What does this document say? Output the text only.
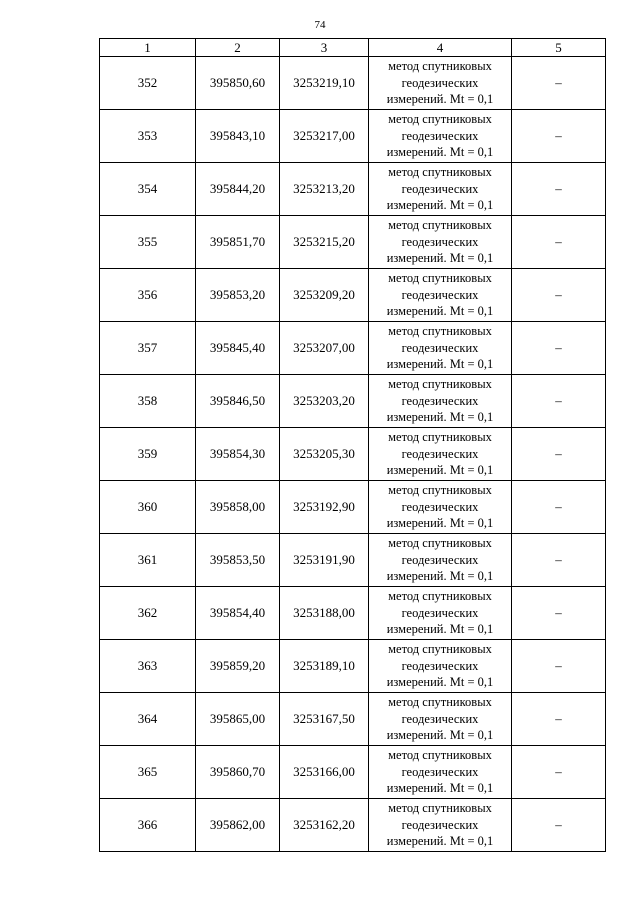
74
1	2	3	4	5
352	395850,60	3253219,10	метод спутниковых
геодезических
измерений. Mt = 0,1	–
353	395843,10	3253217,00	метод спутниковых
геодезических
измерений. Mt = 0,1	–
354	395844,20	3253213,20	метод спутниковых
геодезических
измерений. Mt = 0,1	–
355	395851,70	3253215,20	метод спутниковых
геодезических
измерений. Mt = 0,1	–
356	395853,20	3253209,20	метод спутниковых
геодезических
измерений. Mt = 0,1	–
357	395845,40	3253207,00	метод спутниковых
геодезических
измерений. Mt = 0,1	–
358	395846,50	3253203,20	метод спутниковых
геодезических
измерений. Mt = 0,1	–
359	395854,30	3253205,30	метод спутниковых
геодезических
измерений. Mt = 0,1	–
360	395858,00	3253192,90	метод спутниковых
геодезических
измерений. Mt = 0,1	–
361	395853,50	3253191,90	метод спутниковых
геодезических
измерений. Mt = 0,1	–
362	395854,40	3253188,00	метод спутниковых
геодезических
измерений. Mt = 0,1	–
363	395859,20	3253189,10	метод спутниковых
геодезических
измерений. Mt = 0,1	–
364	395865,00	3253167,50	метод спутниковых
геодезических
измерений. Mt = 0,1	–
365	395860,70	3253166,00	метод спутниковых
геодезических
измерений. Mt = 0,1	–
366	395862,00	3253162,20	метод спутниковых
геодезических
измерений. Mt = 0,1	–
